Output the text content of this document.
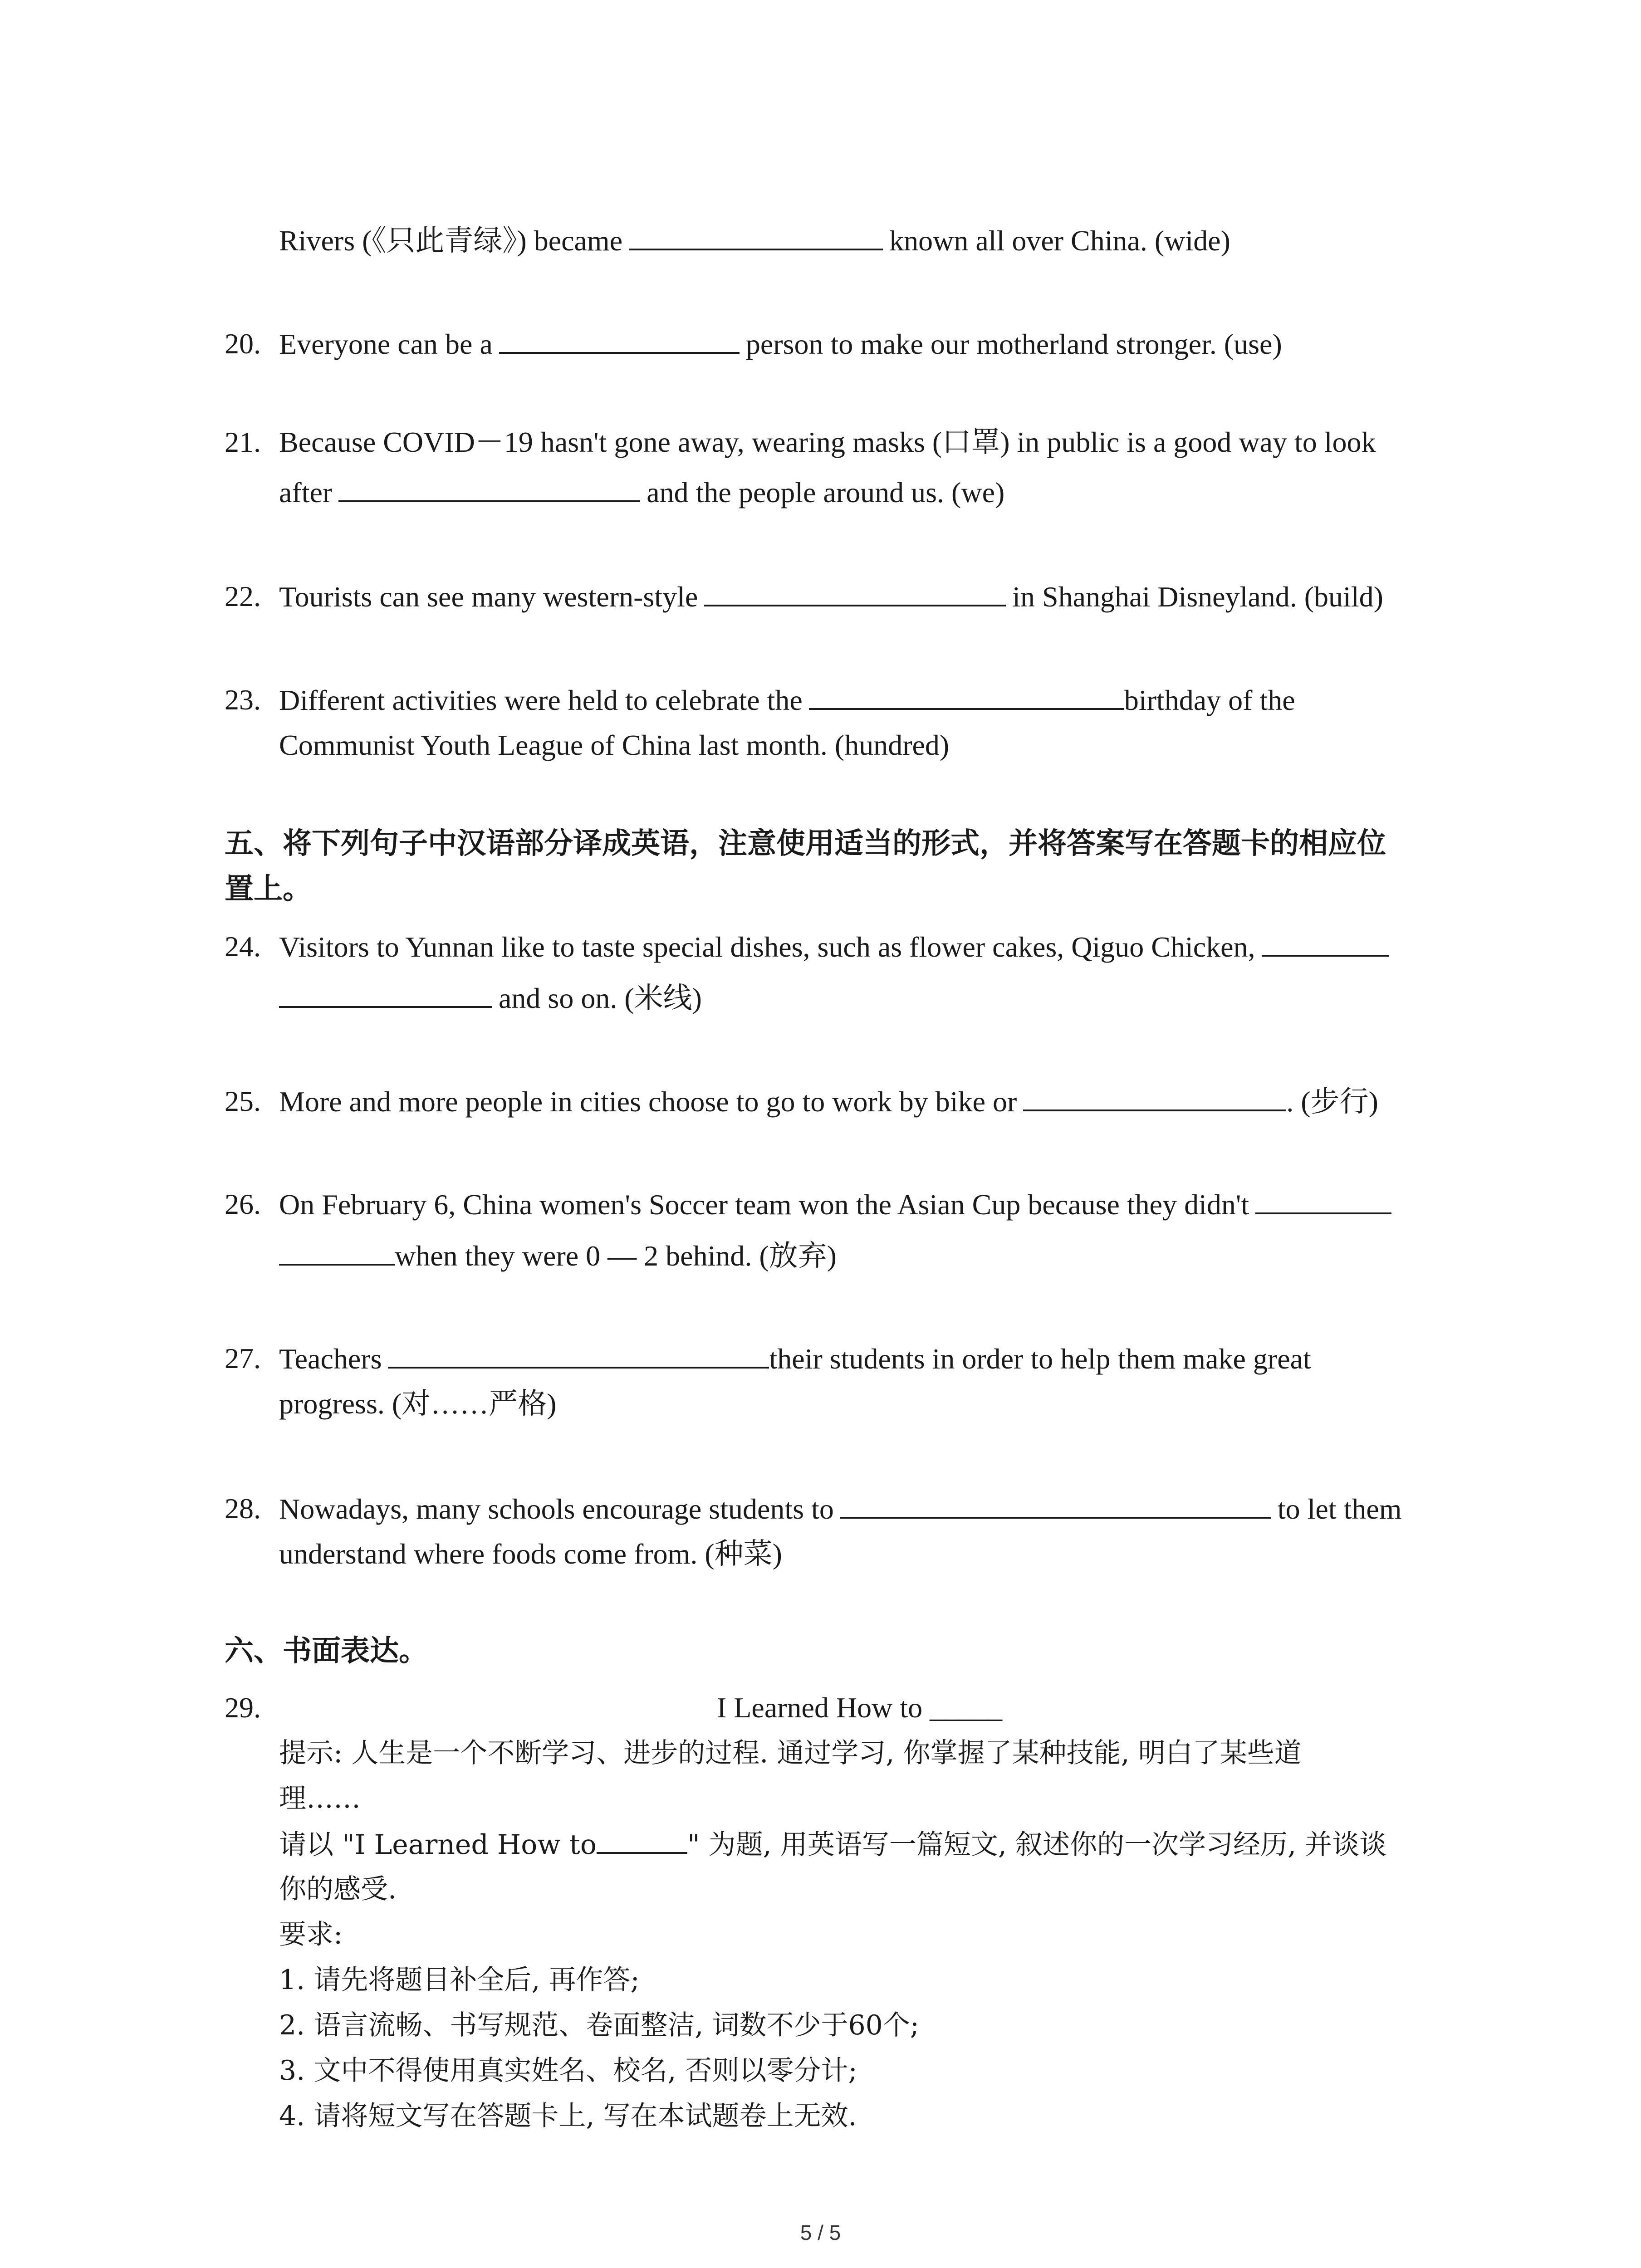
Rivers (《只此青绿》) became	known all over China. (wide)
20. Everyone can be a	person to make our motherland stronger. (use)
21. Because COVID－19 hasn't gone away, wearing masks (口罩) in public is a good way to look
after	and the people around us. (we)
22. Tourists can see many western-style	in Shanghai Disneyland. (build)
23. Different activities were held to celebrate the	birthday of the
Communist Youth League of China last month. (hundred)
五、将下列句子中汉语部分译成英语，注意使用适当的形式，并将答案写在答题卡的相应位
置上。
24. Visitors to Yunnan like to taste special dishes, such as flower cakes, Qiguo Chicken,
and so on. (米线)
25. More and more people in cities choose to go to work by bike or	. (步行)
26. On February 6, China women's Soccer team won the Asian Cup because they didn't
when they were 0 — 2 behind. (放弃)
27. Teachers	their students in order to help them make great
progress. (对……严格)
28. Nowadays, many schools encourage students to	to let them
understand where foods come from. (种菜)
六、书面表达。
29.	I Learned How to _____
提示: 人生是一个不断学习、进步的过程. 通过学习, 你掌握了某种技能, 明白了某些道
理……
请以 "I Learned How to	" 为题, 用英语写一篇短文, 叙述你的一次学习经历, 并谈谈
你的感受.
要求:
1. 请先将题目补全后, 再作答;
2. 语言流畅、书写规范、卷面整洁, 词数不少于60个;
3. 文中不得使用真实姓名、校名, 否则以零分计;
4. 请将短文写在答题卡上, 写在本试题卷上无效.
5 / 5
